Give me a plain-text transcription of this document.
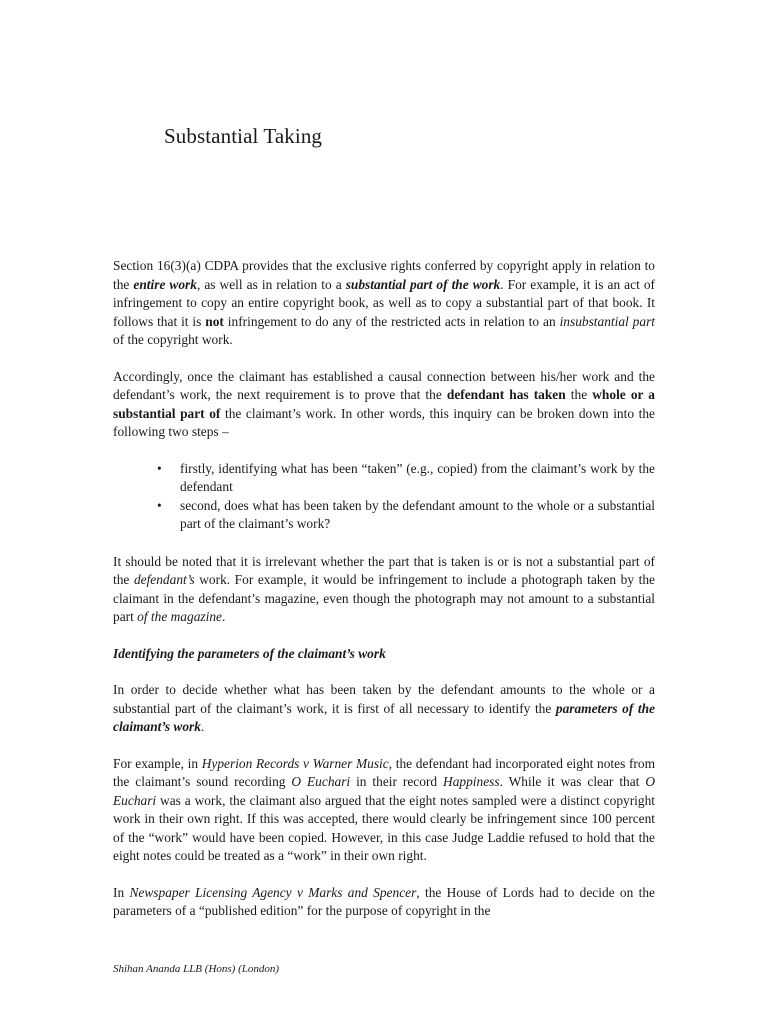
Substantial Taking

Section 16(3)(a) CDPA provides that the exclusive rights conferred by copyright apply in relation to the entire work, as well as in relation to a substantial part of the work. For example, it is an act of infringement to copy an entire copyright book, as well as to copy a substantial part of that book. It follows that it is not infringement to do any of the restricted acts in relation to an insubstantial part of the copyright work.

Accordingly, once the claimant has established a causal connection between his/her work and the defendant’s work, the next requirement is to prove that the defendant has taken the whole or a substantial part of the claimant’s work. In other words, this inquiry can be broken down into the following two steps –

• firstly, identifying what has been “taken” (e.g., copied) from the claimant’s work by the defendant
• second, does what has been taken by the defendant amount to the whole or a substantial part of the claimant’s work?

It should be noted that it is irrelevant whether the part that is taken is or is not a substantial part of the defendant’s work. For example, it would be infringement to include a photograph taken by the claimant in the defendant’s magazine, even though the photograph may not amount to a substantial part of the magazine.

Identifying the parameters of the claimant’s work

In order to decide whether what has been taken by the defendant amounts to the whole or a substantial part of the claimant’s work, it is first of all necessary to identify the parameters of the claimant’s work.

For example, in Hyperion Records v Warner Music, the defendant had incorporated eight notes from the claimant’s sound recording O Euchari in their record Happiness. While it was clear that O Euchari was a work, the claimant also argued that the eight notes sampled were a distinct copyright work in their own right. If this was accepted, there would clearly be infringement since 100 percent of the “work” would have been copied. However, in this case Judge Laddie refused to hold that the eight notes could be treated as a “work” in their own right.

In Newspaper Licensing Agency v Marks and Spencer, the House of Lords had to decide on the parameters of a “published edition” for the purpose of copyright in the

Shihan Ananda LLB (Hons) (London)
